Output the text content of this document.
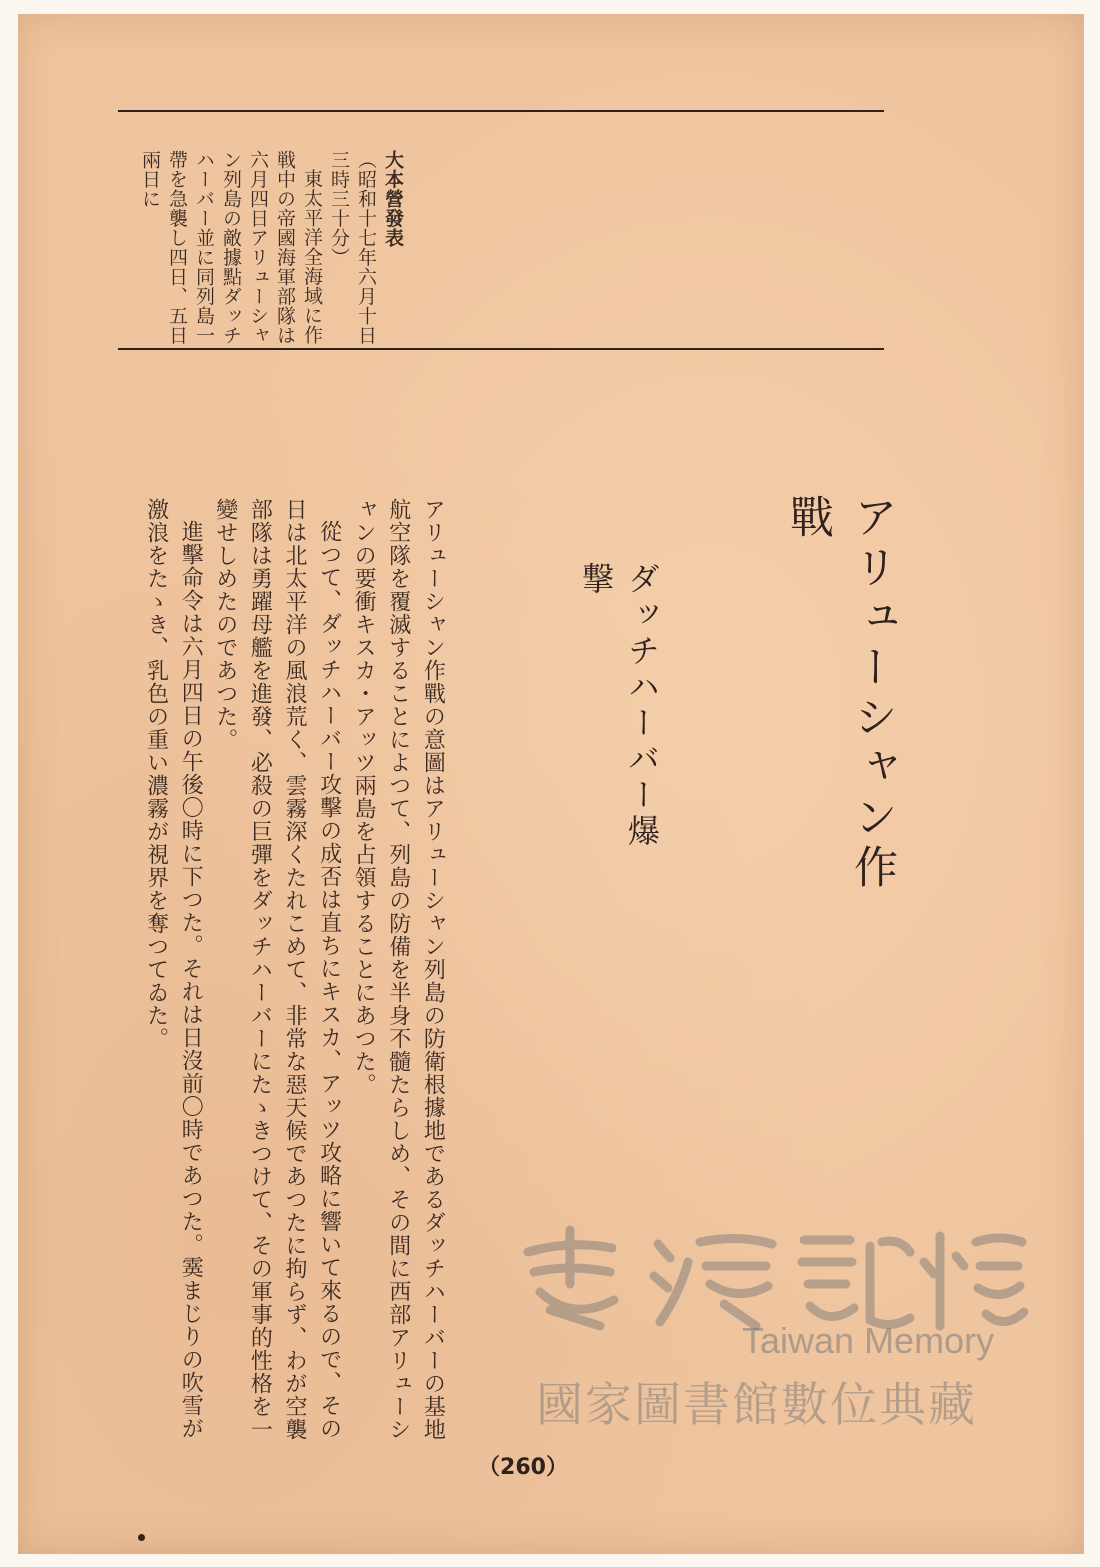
大本營發表

（昭和十七年六月十日三時三十分）

東太平洋全海域に作戦中の帝國海軍部隊は六月四日アリューシャン列島の敵據點ダッチハーバー並に同列島一帶を急襲し四日、五日兩日に

アリューシャン作戰
ダッチハーバー爆撃

アリューシャン作戰の意圖はアリューシャン列島の防衛根據地であるダッチハーバーの基地航空隊を覆滅することによつて、列島の防備を半身不髓たらしめ、その間に西部アリューシャンの要衝キスカ・アッツ兩島を占領することにあつた。

從つて、ダッチハーバー攻擊の成否は直ちにキスカ、アッツ攻略に響いて來るので、その日は北太平洋の風浪荒く、雲霧深くたれこめて、非常な惡天候であつたに拘らず、わが空襲部隊は勇躍母艦を進發、必殺の巨彈をダッチハーバーにたゝきつけて、その軍事的性格を一變せしめたのであつた。

進擊命令は六月四日の午後〇時に下つた。それは日沒前〇時であつた。霙まじりの吹雪が激浪をたゝき、乳色の重い濃霧が視界を奪つてゐた。

（260）
Taiwan Memory
國家圖書館數位典藏
